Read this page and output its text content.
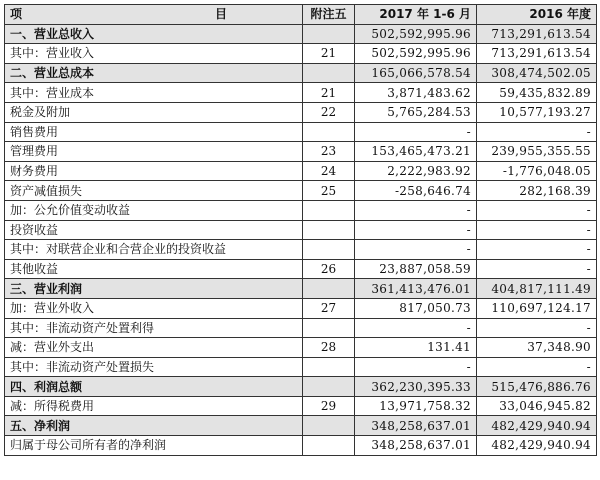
项 目	附注五	2017 年 1-6 月	2016 年度
一、营业总收入		502,592,995.96	713,291,613.54
其中：营业收入	21	502,592,995.96	713,291,613.54
二、营业总成本		165,066,578.54	308,474,502.05
其中：营业成本	21	3,871,483.62	59,435,832.89
税金及附加	22	5,765,284.53	10,577,193.27
销售费用		-	-
管理费用	23	153,465,473.21	239,955,355.55
财务费用	24	2,222,983.92	-1,776,048.05
资产减值损失	25	-258,646.74	282,168.39
加：公允价值变动收益		-	-
投资收益		-	-
其中：对联营企业和合营企业的投资收益		-	-
其他收益	26	23,887,058.59	-
三、营业利润		361,413,476.01	404,817,111.49
加：营业外收入	27	817,050.73	110,697,124.17
其中：非流动资产处置利得		-	-
减：营业外支出	28	131.41	37,348.90
其中：非流动资产处置损失		-	-
四、利润总额		362,230,395.33	515,476,886.76
减：所得税费用	29	13,971,758.32	33,046,945.82
五、净利润		348,258,637.01	482,429,940.94
归属于母公司所有者的净利润		348,258,637.01	482,429,940.94
